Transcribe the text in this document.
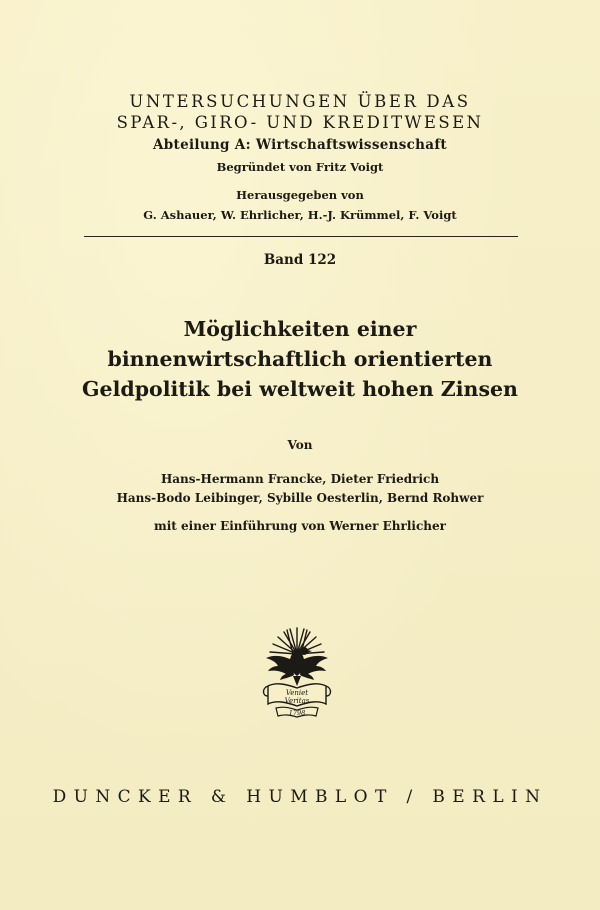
UNTERSUCHUNGEN ÜBER DAS
SPAR-, GIRO- UND KREDITWESEN
Abteilung A: Wirtschaftswissenschaft
Begründet von Fritz Voigt
Herausgegeben von
G. Ashauer, W. Ehrlicher, H.-J. Krümmel, F. Voigt
Band 122
Möglichkeiten einer
binnenwirtschaftlich orientierten
Geldpolitik bei weltweit hohen Zinsen
Von
Hans-Hermann Francke, Dieter Friedrich
Hans-Bodo Leibinger, Sybille Oesterlin, Bernd Rohwer
mit einer Einführung von Werner Ehrlicher
Veniet
Veritas
1798
DUNCKER & HUMBLOT / BERLIN
